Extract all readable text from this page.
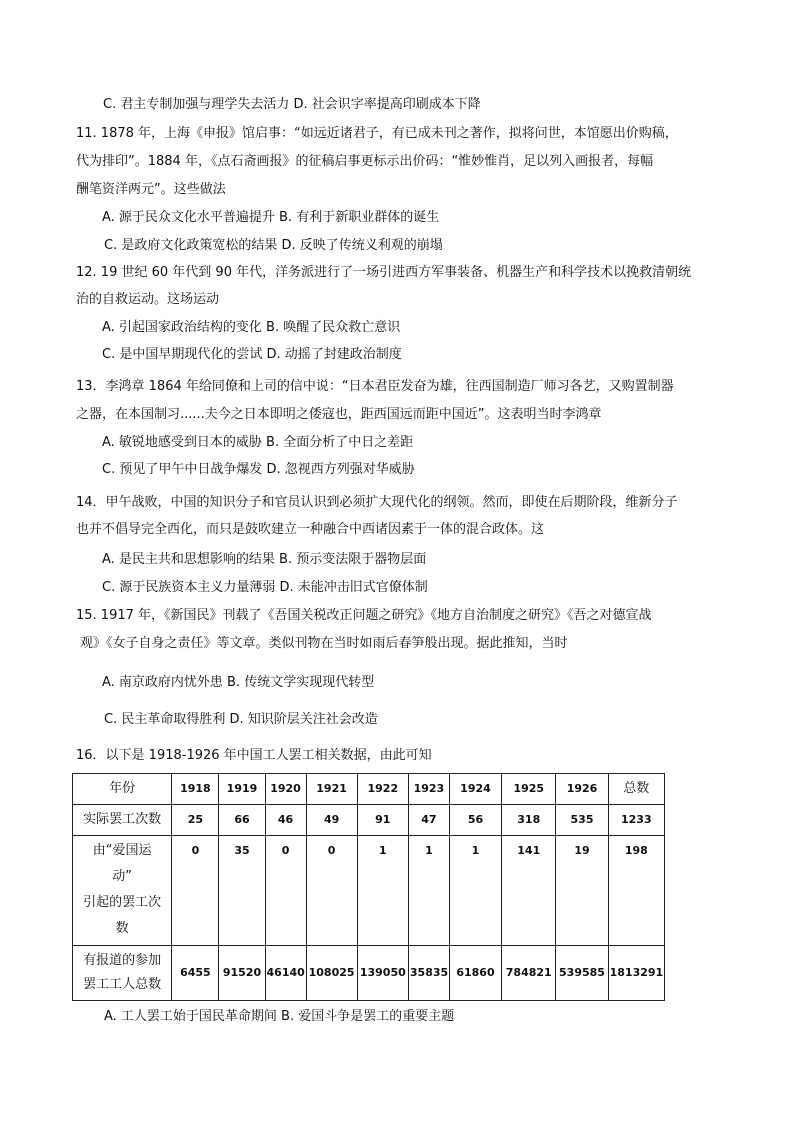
C. 君主专制加强与理学失去活力 D. 社会识字率提高印刷成本下降
11. 1878 年，上海《申报》馆启事：“如远近诸君子，有已成未刊之著作，拟将问世，本馆愿出价购稿，
代为排印”。1884 年，《点石斋画报》的征稿启事更标示出价码：“惟妙惟肖，足以列入画报者，每幅
酬笔资洋两元”。这些做法
A. 源于民众文化水平普遍提升 B. 有利于新职业群体的诞生
C. 是政府文化政策宽松的结果 D. 反映了传统义利观的崩塌
12. 19 世纪 60 年代到 90 年代，洋务派进行了一场引进西方军事装备、机器生产和科学技术以挽救清朝统
治的自救运动。这场运动
A. 引起国家政治结构的变化 B. 唤醒了民众救亡意识
C. 是中国早期现代化的尝试 D. 动摇了封建政治制度
13．李鸿章 1864 年给同僚和上司的信中说：“日本君臣发奋为雄，往西国制造厂师习各艺，又购置制器
之器，在本国制习......夫今之日本即明之倭寇也，距西国远而距中国近”。这表明当时李鸿章
A. 敏锐地感受到日本的威胁 B. 全面分析了中日之差距
C. 预见了甲午中日战争爆发 D. 忽视西方列强对华威胁
14．甲午战败，中国的知识分子和官员认识到必须扩大现代化的纲领。然而，即使在后期阶段，维新分子
也并不倡导完全西化，而只是鼓吹建立一种融合中西诸因素于一体的混合政体。这
A. 是民主共和思想影响的结果 B. 预示变法限于器物层面
C. 源于民族资本主义力量薄弱 D. 未能冲击旧式官僚体制
15. 1917 年，《新国民》刊载了《吾国关税改正问题之研究》《地方自治制度之研究》《吾之对德宣战
观》《女子自身之责任》等文章。类似刊物在当时如雨后春笋般出现。据此推知，当时
A. 南京政府内忧外患 B. 传统文学实现现代转型
C. 民主革命取得胜利 D. 知识阶层关注社会改造
16．以下是 1918-1926 年中国工人罢工相关数据，由此可知
年份	1918	1919	1920	1921	1922	1923	1924	1925	1926	总数
实际罢工次数	25	66	46	49	91	47	56	318	535	1233

由“爱国运
动”
引起的罢工次
数	0	35	0	0	1	1	1	141	19	198

有报道的参加
罢工工人总数	6455	91520	46140	108025	139050	35835	61860	784821	539585	1813291
A. 工人罢工始于国民革命期间 B. 爱国斗争是罢工的重要主题
